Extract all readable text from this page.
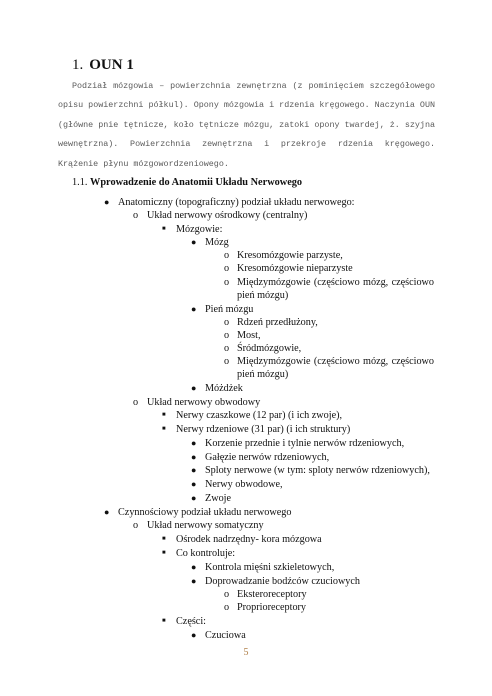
1. OUN 1
Podział mózgowia – powierzchnia zewnętrzna (z pominięciem szczegółowego opisu powierzchni półkul). Opony mózgowia i rdzenia kręgowego. Naczynia OUN (główne pnie tętnicze, koło tętnicze mózgu, zatoki opony twardej, ż. szyjna wewnętrzna). Powierzchnia zewnętrzna i przekroje rdzenia kręgowego. Krążenie płynu mózgowordzeniowego.
1.1. Wprowadzenie do Anatomii Układu Nerwowego
● Anatomiczny (topograficzny) podział układu nerwowego:
o Układ nerwowy ośrodkowy (centralny)
■ Mózgowie:
● Mózg
o Kresomózgowie parzyste,
o Kresomózgowie nieparzyste
o Międzymózgowie (częściowo mózg, częściowo pień mózgu)
● Pień mózgu
o Rdzeń przedłużony,
o Most,
o Śródmózgowie,
o Międzymózgowie (częściowo mózg, częściowo pień mózgu)
● Móżdżek
o Układ nerwowy obwodowy
■ Nerwy czaszkowe (12 par) (i ich zwoje),
■ Nerwy rdzeniowe (31 par) (i ich struktury)
● Korzenie przednie i tylnie nerwów rdzeniowych,
● Gałęzie nerwów rdzeniowych,
● Sploty nerwowe (w tym: sploty nerwów rdzeniowych),
● Nerwy obwodowe,
● Zwoje
● Czynnościowy podział układu nerwowego
o Układ nerwowy somatyczny
■ Ośrodek nadrzędny- kora mózgowa
■ Co kontroluje:
● Kontrola mięśni szkieletowych,
● Doprowadzanie bodźców czuciowych
o Eksteroreceptory
o Proprioreceptory
■ Części:
● Czuciowa
5
